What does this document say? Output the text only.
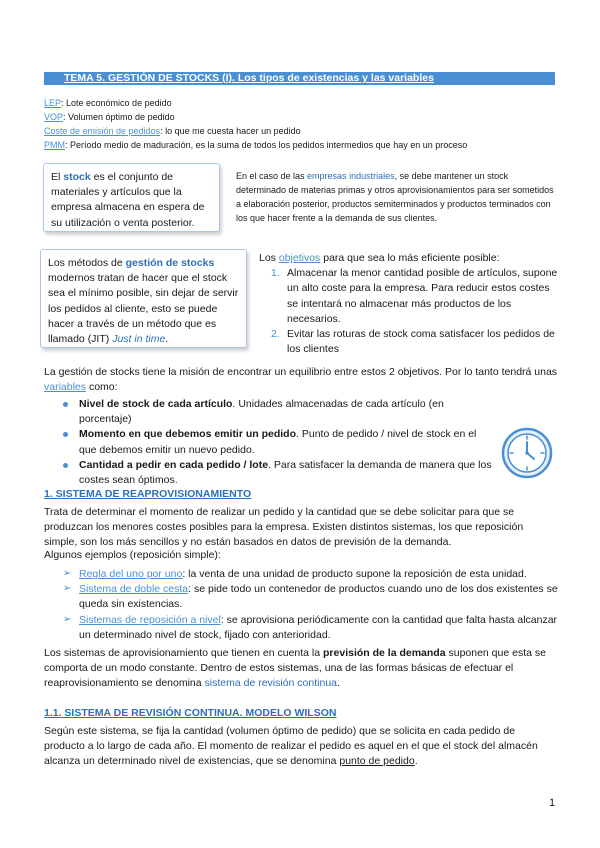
TEMA 5. GESTIÓN DE STOCKS (I). Los tipos de existencias y las variables
LEP: Lote económico de pedido
VOP: Volumen óptimo de pedido
Coste de emisión de pedidos: lo que me cuesta hacer un pedido
PMM: Período medio de maduración, es la suma de todos los pedidos intermedios que hay en un proceso
El stock es el conjunto de materiales y artículos que la empresa almacena en espera de su utilización o venta posterior.
En el caso de las empresas industriales, se debe mantener un stock determinado de materias primas y otros aprovisionamientos para ser sometidos a elaboración posterior, productos semiterminados y productos terminados con los que hacer frente a la demanda de sus clientes.
Los métodos de gestión de stocks modernos tratan de hacer que el stock sea el mínimo posible, sin dejar de servir los pedidos al cliente, esto se puede hacer a través de un método que es llamado (JIT) Just in time.
Los objetivos para que sea lo más eficiente posible:
1. Almacenar la menor cantidad posible de artículos, supone un alto coste para la empresa. Para reducir estos costes se intentará no almacenar más productos de los necesarios.
2. Evitar las roturas de stock coma satisfacer los pedidos de los clientes
La gestión de stocks tiene la misión de encontrar un equilibrio entre estos 2 objetivos. Por lo tanto tendrá unas variables como:
Nivel de stock de cada artículo. Unidades almacenadas de cada artículo (en porcentaje)
Momento en que debemos emitir un pedido. Punto de pedido / nivel de stock en el que debemos emitir un nuevo pedido.
Cantidad a pedir en cada pedido / lote. Para satisfacer la demanda de manera que los costes sean óptimos.
1. SISTEMA DE REAPROVISIONAMIENTO
Trata de determinar el momento de realizar un pedido y la cantidad que se debe solicitar para que se produzcan los menores costes posibles para la empresa. Existen distintos sistemas, los que reposición simple, son los más sencillos y no están basados en datos de previsión de la demanda.
Algunos ejemplos (reposición simple):
➢ Regla del uno por uno: la venta de una unidad de producto supone la reposición de esta unidad.
➢ Sistema de doble cesta: se pide todo un contenedor de productos cuando uno de los dos existentes se queda sin existencias.
➢ Sistemas de reposición a nivel: se aprovisiona periódicamente con la cantidad que falta hasta alcanzar un determinado nivel de stock, fijado con anterioridad.
Los sistemas de aprovisionamiento que tienen en cuenta la previsión de la demanda suponen que esta se comporta de un modo constante. Dentro de estos sistemas, una de las formas básicas de efectuar el reaprovisionamiento se denomina sistema de revisión continua.
1.1. SISTEMA DE REVISIÓN CONTINUA. MODELO WILSON
Según este sistema, se fija la cantidad (volumen óptimo de pedido) que se solicita en cada pedido de producto a lo largo de cada año. El momento de realizar el pedido es aquel en el que el stock del almacén alcanza un determinado nivel de existencias, que se denomina punto de pedido.
1
